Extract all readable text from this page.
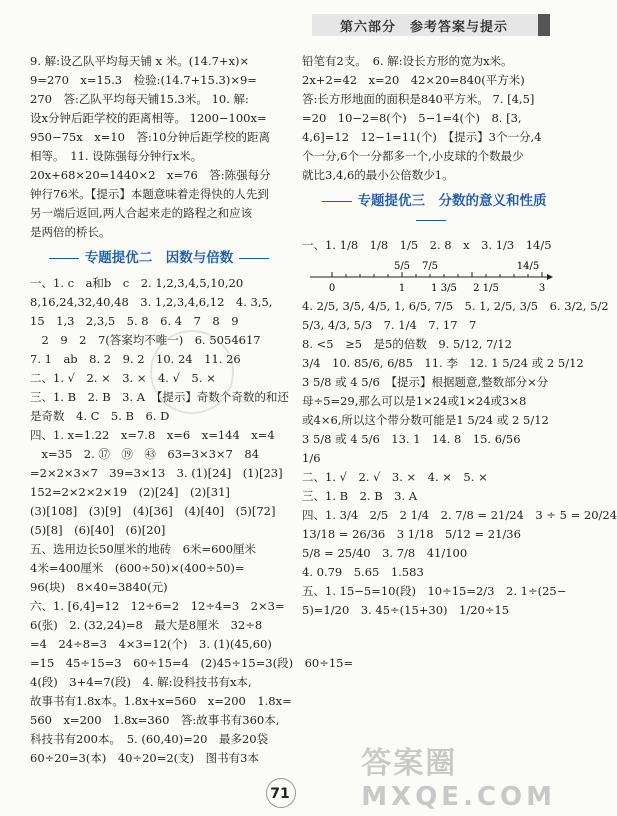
第六部分　参考答案与提示
9. 解:设乙队平均每天铺 x 米。(14.7+x)×
9=270　x=15.3　检验:(14.7+15.3)×9=
270　答:乙队平均每天铺15.3米。 10. 解:
设x分钟后距学校的距离相等。 1200−100x=
950−75x　x=10　答:10分钟后距学校的距离
相等。　11. 设陈强每分钟行x米。
20x+68×20=1440×2　x=76　答:陈强每分
钟行76米。【提示】本题意味着走得快的人先到
另一端后返回,两人合起来走的路程之和应该
是两倍的桥长。
专题提优二　因数与倍数
一、1. c　a和b　c　2. 1,2,3,4,5,10,20
8,16,24,32,40,48　3. 1,2,3,4,6,12　4. 3,5,
15　1,3　2,3,5　5. 8　6. 4　7　8　9
　2　9　2　7(答案均不唯一)　6. 5054617
7. 1　ab　8. 2　9. 2　10. 24　11. 26
二、1. √　2. ×　3. ×　4. √　5. ×
三、1. B　2. B　3. A　【提示】奇数个奇数的和还
是奇数　4. C　5. B　6. D
四、1. x=1.22　x=7.8　x=6　x=144　x=4
　x=35　2. ⑰　⑲　㊸　63=3×3×7　84
=2×2×3×7　39=3×13　3. (1)[24]　(1)[23]
152=2×2×2×19　(2)[24]　(2)[31]
(3)[108]　(3)[9]　(4)[36]　(4)[40]　(5)[72]
(5)[8]　(6)[40]　(6)[20]
五、选用边长50厘米的地砖　6米=600厘米
4米=400厘米　(600÷50)×(400÷50)=
96(块)　8×40=3840(元)
六、1. [6,4]=12　12÷6=2　12÷4=3　2×3=
6(张)　2. (32,24)=8　最大是8厘米　32÷8
=4　24÷8=3　4×3=12(个)　3. (1)(45,60)
=15　45÷15=3　60÷15=4　(2)45÷15=3(段)　60÷15=
4(段)　3+4=7(段)　4. 解:设科技书有x本,
故事书有1.8x本。1.8x+x=560　x=200　1.8x=
560　x=200　1.8x=360　答:故事书有360本,
科技书有200本。　5. (60,40)=20　最多20袋
60÷20=3(本)　40÷20=2(支)　图书有3本
铅笔有2支。　6. 解:设长方形的宽为x米。
2x+2=42　x=20　42×20=840(平方米)
答:长方形地面的面积是840平方米。 7. [4,5]
=20　10−2=8(个)　5−1=4(个)　8. [3,
4,6]=12　12−1=11(个)　【提示】3个一分,4
个一分,6个一分都多一个,小皮球的个数最少
就比3,4,6的最小公倍数少1。
专题提优三　分数的意义和性质
一、1. 1/8　1/8　1/5　2. 8　x　3. 1/3　14/5
0	1	1 3/5 2 1/5	3
5/5 7/5	14/5
4. 2/5, 3/5, 4/5, 1, 6/5, 7/5　5. 1, 2/5, 3/5　6. 3/2, 5/2
5/3, 4/3, 5/3　7. 1/4　7. 17　7
8. <5　≥5　是5的倍数　9. 5/12, 7/12
3/4　10. 85/6, 6/85　11. 李　12. 1 5/24 或 2 5/12
3 5/8 或 4 5/6　【提示】根据题意,整数部分×分
母÷5=29,那么可以是1×24或1×24或3×8
或4×6,所以这个带分数可能是1 5/24 或 2 5/12
3 5/8 或 4 5/6　13. 1　14. 8　15. 6/56
1/6
二、1. √　2. √　3. ×　4. ×　5. ×
三、1. B　2. B　3. A
四、1. 3/4　2/5　2 1/4　2. 7/8 = 21/24　3 ÷ 5 = 20/24
13/18 = 26/36　3 1/18　5/12 = 21/36
5/8 = 25/40　3. 7/8　41/100
4. 0.79　5.65　1.583
五、1. 15−5=10(段)　10÷15=2/3　2. 1÷(25−
5)=1/20　3. 45÷(15+30)　1/20÷15
71
答案圈
MXQE.COM
